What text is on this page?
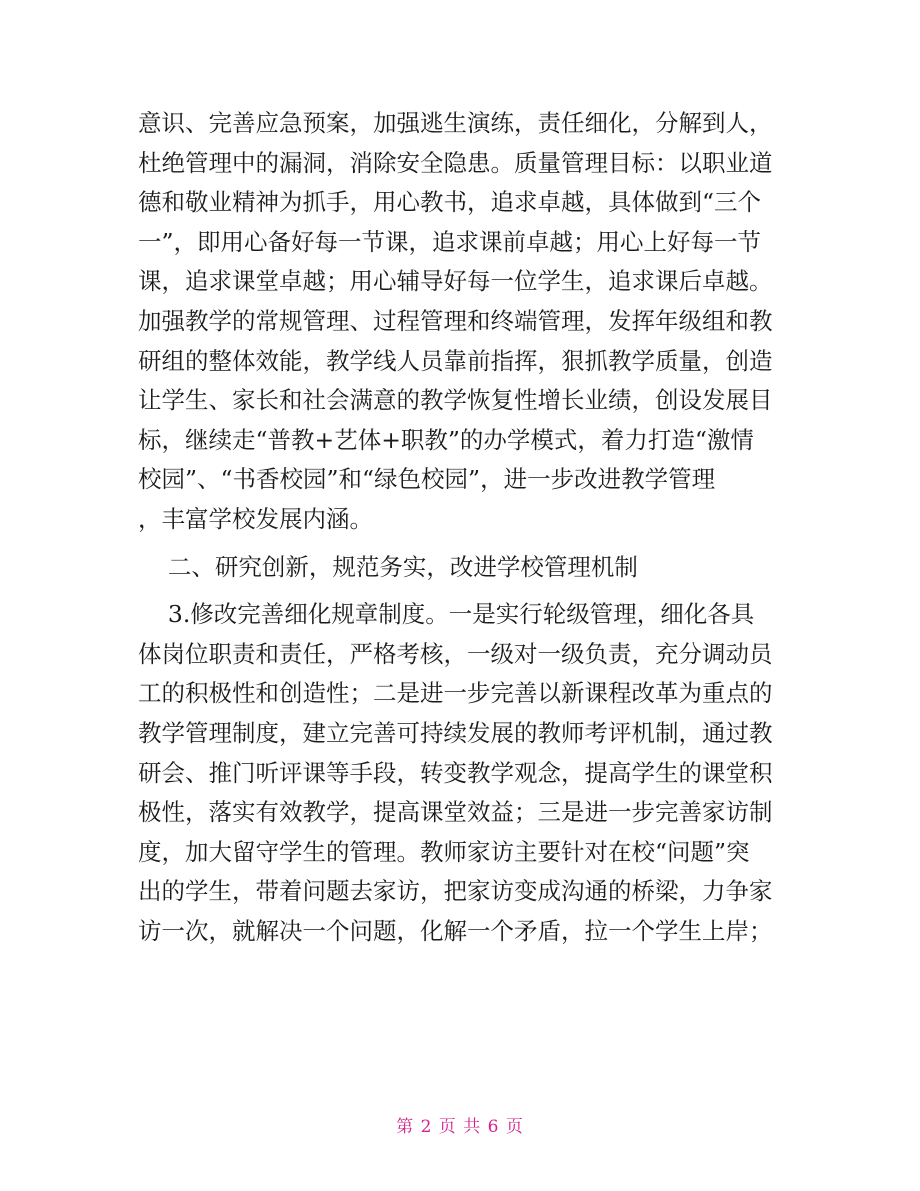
意识、完善应急预案，加强逃生演练，责任细化，分解到人，
杜绝管理中的漏洞，消除安全隐患。质量管理目标：以职业道
德和敬业精神为抓手，用心教书，追求卓越，具体做到“三个
一”，即用心备好每一节课，追求课前卓越；用心上好每一节
课，追求课堂卓越；用心辅导好每一位学生，追求课后卓越。
加强教学的常规管理、过程管理和终端管理，发挥年级组和教
研组的整体效能，教学线人员靠前指挥，狠抓教学质量，创造
让学生、家长和社会满意的教学恢复性增长业绩，创设发展目
标，继续走“普教+艺体+职教”的办学模式，着力打造“激情
校园”、“书香校园”和“绿色校园”，进一步改进教学管理
，丰富学校发展内涵。
二、研究创新，规范务实，改进学校管理机制
3.修改完善细化规章制度。一是实行轮级管理，细化各具
体岗位职责和责任，严格考核，一级对一级负责，充分调动员
工的积极性和创造性；二是进一步完善以新课程改革为重点的
教学管理制度，建立完善可持续发展的教师考评机制，通过教
研会、推门听评课等手段，转变教学观念，提高学生的课堂积
极性，落实有效教学，提高课堂效益；三是进一步完善家访制
度，加大留守学生的管理。教师家访主要针对在校“问题”突
出的学生，带着问题去家访，把家访变成沟通的桥梁，力争家
访一次，就解决一个问题，化解一个矛盾，拉一个学生上岸；
第 2 页 共 6 页
